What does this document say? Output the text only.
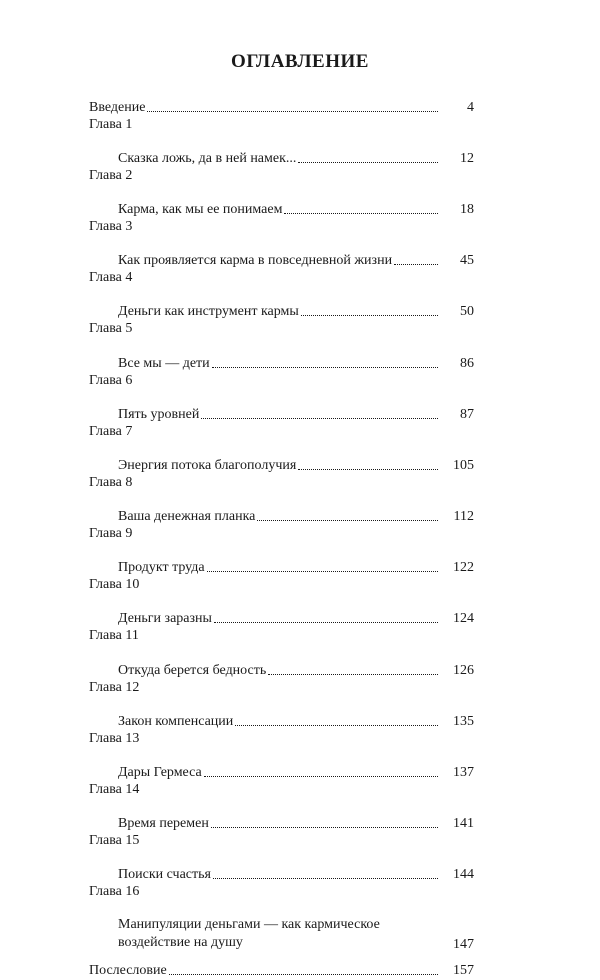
ОГЛАВЛЕНИЕ
Введение	4
Глава 1
Сказка ложь, да в ней намек...	12
Глава 2
Карма, как мы ее понимаем	18
Глава 3
Как проявляется карма в повседневной жизни	45
Глава 4
Деньги как инструмент кармы	50
Глава 5
Все мы — дети	86
Глава 6
Пять уровней	87
Глава 7
Энергия потока благополучия	105
Глава 8
Ваша денежная планка	112
Глава 9
Продукт труда	122
Глава 10
Деньги заразны	124
Глава 11
Откуда берется бедность	126
Глава 12
Закон компенсации	135
Глава 13
Дары Гермеса	137
Глава 14
Время перемен	141
Глава 15
Поиски счастья	144
Глава 16
Манипуляции деньгами — как кармическое
воздействие на душу	147
Послесловие	157
